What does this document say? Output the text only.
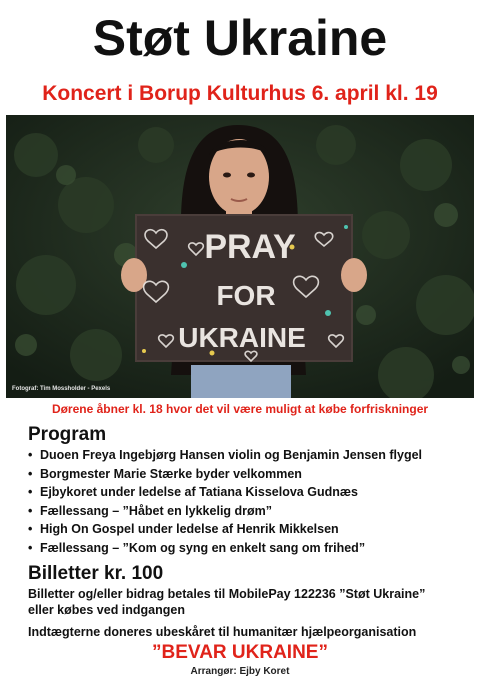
Støt Ukraine
Koncert i Borup Kulturhus 6. april kl. 19
PRAY
FOR
UKRAINE
Fotograf: Tim Mossholder - Pexels
Dørene åbner kl. 18 hvor det vil være muligt at købe forfriskninger
Program
• Duoen Freya Ingebjørg Hansen violin og Benjamin Jensen flygel
• Borgmester Marie Stærke byder velkommen
• Ejbykoret under ledelse af Tatiana Kisselova Gudnæs
• Fællessang – ”Håbet en lykkelig drøm”
• High On Gospel under ledelse af Henrik Mikkelsen
• Fællessang – ”Kom og syng en enkelt sang om frihed”
Billetter kr. 100
Billetter og/eller bidrag betales til MobilePay 122236 ”Støt Ukraine”
eller købes ved indgangen
Indtægterne doneres ubeskåret til humanitær hjælpeorganisation
”BEVAR UKRAINE”
Arrangør: Ejby Koret
